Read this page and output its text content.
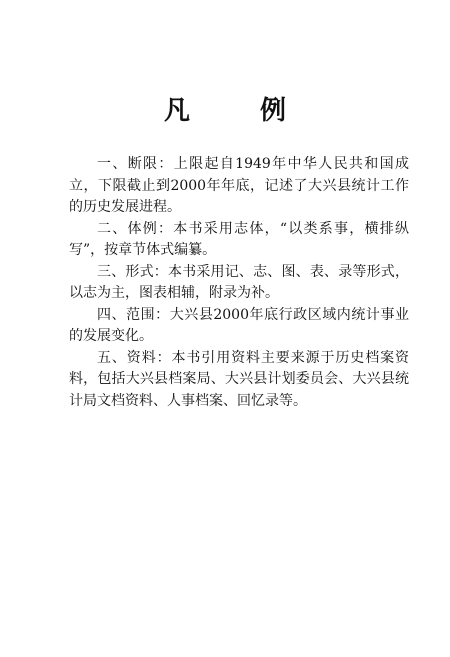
凡　例

一、断限：上限起自1949年中华人民共和国成立，下限截止到2000年年底，记述了大兴县统计工作的历史发展进程。

二、体例：本书采用志体，“以类系事，横排纵写”，按章节体式编纂。

三、形式：本书采用记、志、图、表、录等形式，以志为主，图表相辅，附录为补。

四、范围：大兴县2000年底行政区域内统计事业的发展变化。

五、资料：本书引用资料主要来源于历史档案资料，包括大兴县档案局、大兴县计划委员会、大兴县统计局文档资料、人事档案、回忆录等。
